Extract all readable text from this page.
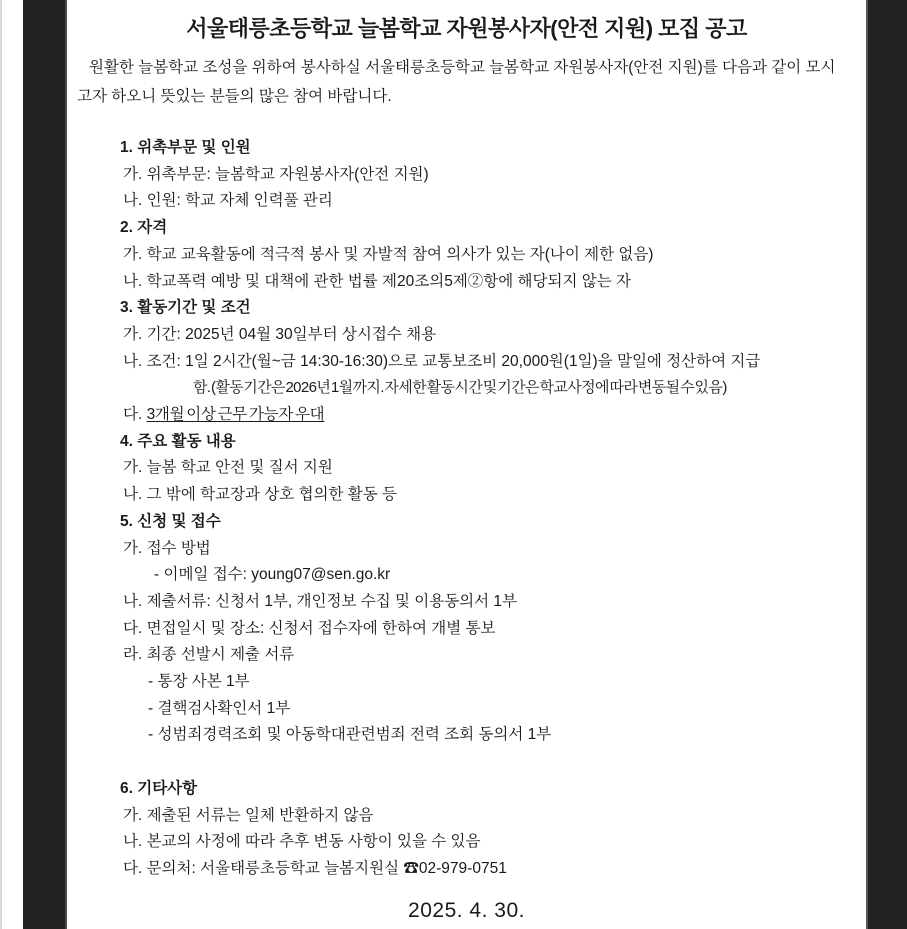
서울태릉초등학교 늘봄학교 자원봉사자(안전 지원) 모집 공고
원활한 늘봄학교 조성을 위하여 봉사하실 서울태릉초등학교 늘봄학교 자원봉사자(안전 지원)를 다음과 같이 모시고자 하오니 뜻있는 분들의 많은 참여 바랍니다.
1. 위촉부문 및 인원
가. 위촉부문: 늘봄학교 자원봉사자(안전 지원)
나. 인원: 학교 자체 인력풀 관리
2. 자격
가. 학교 교육활동에 적극적 봉사 및 자발적 참여 의사가 있는 자(나이 제한 없음)
나. 학교폭력 예방 및 대책에 관한 법률 제20조의5제②항에 해당되지 않는 자
3. 활동기간 및 조건
가. 기간: 2025년 04월 30일부터 상시접수 채용
나. 조건: 1일 2시간(월~금 14:30-16:30)으로 교통보조비 20,000원(1일)을 말일에 정산하여 지급
함. (활동기간은 2026년 1월까지. 자세한 활동시간 및 기간은 학교사정에 따라 변동될 수 있음)
다. 3개월 이상 근무 가능자 우대
4. 주요 활동 내용
가. 늘봄 학교 안전 및 질서 지원
나. 그 밖에 학교장과 상호 협의한 활동 등
5. 신청 및 접수
가. 접수 방법
- 이메일 접수: young07@sen.go.kr
나. 제출서류: 신청서 1부, 개인정보 수집 및 이용동의서 1부
다. 면접일시 및 장소: 신청서 접수자에 한하여 개별 통보
라. 최종 선발시 제출 서류
- 통장 사본 1부
- 결핵검사확인서 1부
- 성범죄경력조회 및 아동학대관련범죄 전력 조회 동의서 1부
6. 기타사항
가. 제출된 서류는 일체 반환하지 않음
나. 본교의 사정에 따라 추후 변동 사항이 있을 수 있음
다. 문의처: 서울태릉초등학교 늘봄지원실 ☎02-979-0751
2025. 4. 30.
